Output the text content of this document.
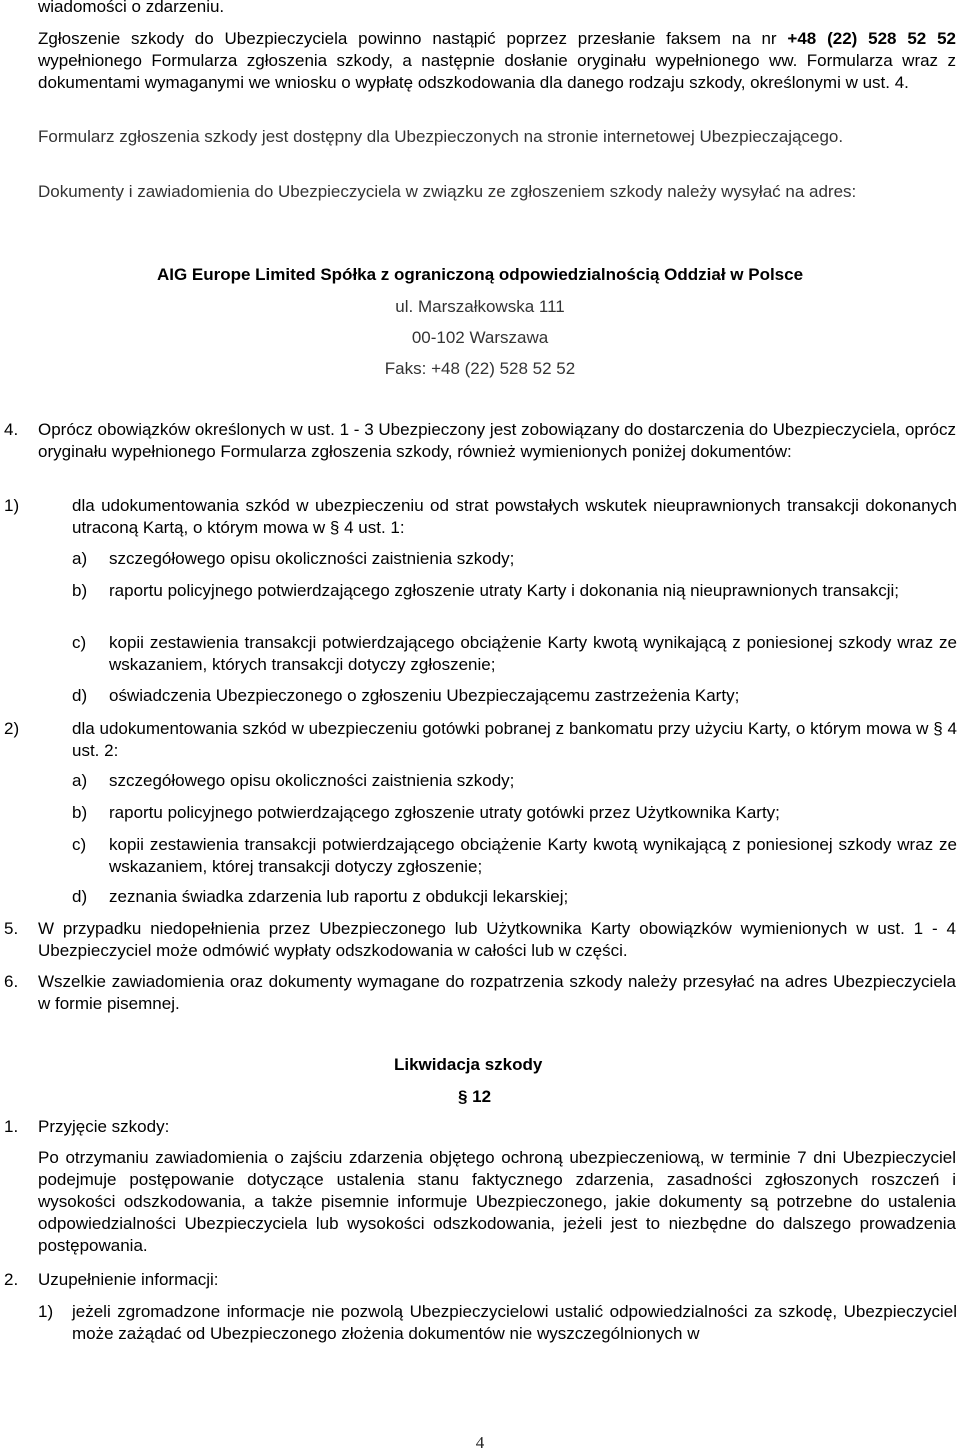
wiadomości o zdarzeniu.

Zgłoszenie szkody do Ubezpieczyciela powinno nastąpić poprzez przesłanie faksem na nr +48 (22) 528 52 52 wypełnionego Formularza zgłoszenia szkody, a następnie dosłanie oryginału wypełnionego ww. Formularza wraz z dokumentami wymaganymi we wniosku o wypłatę odszkodowania dla danego rodzaju szkody, określonymi w ust. 4.

Formularz zgłoszenia szkody jest dostępny dla Ubezpieczonych na stronie internetowej Ubezpieczającego.

Dokumenty i zawiadomienia do Ubezpieczyciela w związku ze zgłoszeniem szkody należy wysyłać na adres:

AIG Europe Limited Spółka z ograniczoną odpowiedzialnością Oddział w Polsce

ul. Marszałkowska 111

00-102 Warszawa

Faks: +48 (22) 528 52 52

4. Oprócz obowiązków określonych w ust. 1 - 3 Ubezpieczony jest zobowiązany do dostarczenia do Ubezpieczyciela, oprócz oryginału wypełnionego Formularza zgłoszenia szkody, również wymienionych poniżej dokumentów:

1)	dla udokumentowania szkód w ubezpieczeniu od strat powstałych wskutek nieuprawnionych transakcji dokonanych utraconą Kartą, o którym mowa w § 4 ust. 1:

a) szczegółowego opisu okoliczności zaistnienia szkody;

b) raportu policyjnego potwierdzającego zgłoszenie utraty Karty i dokonania nią nieuprawnionych transakcji;

c) kopii zestawienia transakcji potwierdzającego obciążenie Karty kwotą wynikającą z poniesionej szkody wraz ze wskazaniem, których transakcji dotyczy zgłoszenie;

d) oświadczenia Ubezpieczonego o zgłoszeniu Ubezpieczającemu zastrzeżenia Karty;

2)	dla udokumentowania szkód w ubezpieczeniu gotówki pobranej z bankomatu przy użyciu Karty, o którym mowa w § 4 ust. 2:

a) szczegółowego opisu okoliczności zaistnienia szkody;

b) raportu policyjnego potwierdzającego zgłoszenie utraty gotówki przez Użytkownika Karty;

c) kopii zestawienia transakcji potwierdzającego obciążenie Karty kwotą wynikającą z poniesionej szkody wraz ze wskazaniem, której transakcji dotyczy zgłoszenie;

d) zeznania świadka zdarzenia lub raportu z obdukcji lekarskiej;

5. W przypadku niedopełnienia przez Ubezpieczonego lub Użytkownika Karty obowiązków wymienionych w ust. 1 - 4 Ubezpieczyciel może odmówić wypłaty odszkodowania w całości lub w części.

6. Wszelkie zawiadomienia oraz dokumenty wymagane do rozpatrzenia szkody należy przesyłać na adres Ubezpieczyciela w formie pisemnej.

Likwidacja szkody

§ 12

1. Przyjęcie szkody:

Po otrzymaniu zawiadomienia o zajściu zdarzenia objętego ochroną ubezpieczeniową, w terminie 7 dni Ubezpieczyciel podejmuje postępowanie dotyczące ustalenia stanu faktycznego zdarzenia, zasadności zgłoszonych roszczeń i wysokości odszkodowania, a także pisemnie informuje Ubezpieczonego, jakie dokumenty są potrzebne do ustalenia odpowiedzialności Ubezpieczyciela lub wysokości odszkodowania, jeżeli jest to niezbędne do dalszego prowadzenia postępowania.

2. Uzupełnienie informacji:

1) jeżeli zgromadzone informacje nie pozwolą Ubezpieczycielowi ustalić odpowiedzialności za szkodę, Ubezpieczyciel może zażądać od Ubezpieczonego złożenia dokumentów nie wyszczególnionych w

4
